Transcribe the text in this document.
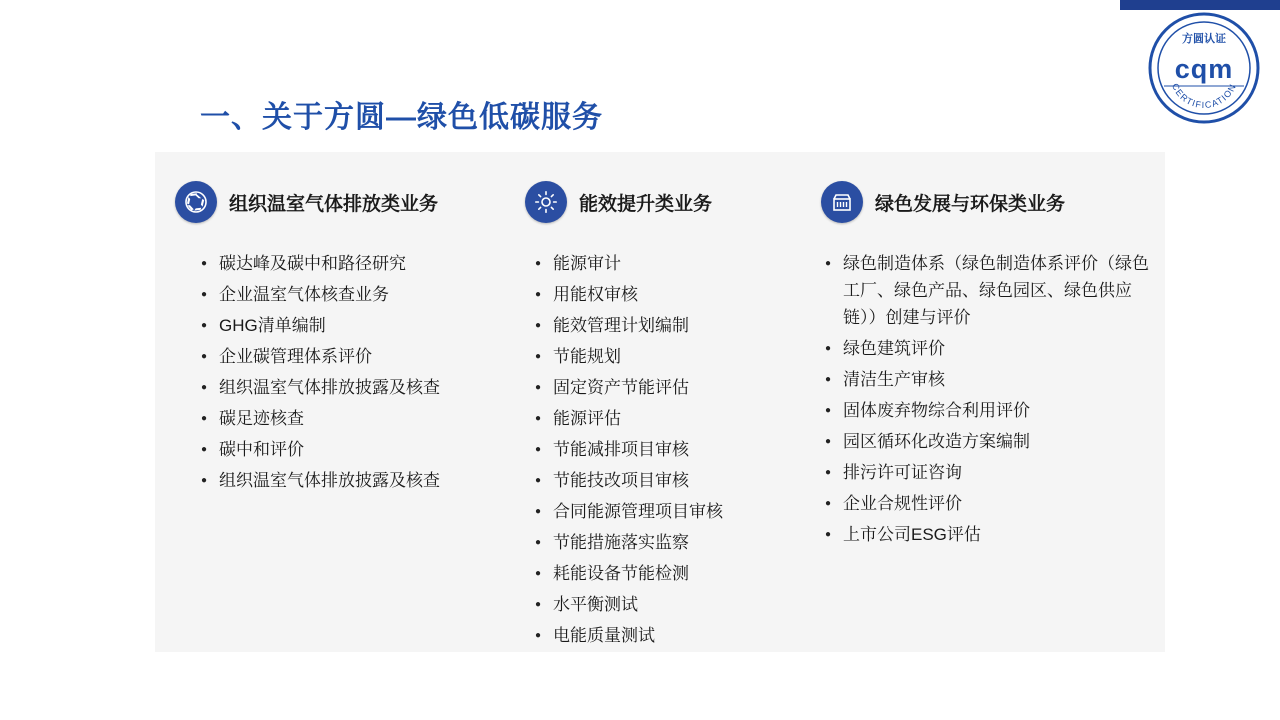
方圆认证
cqm
CERTIFICATION
一、关于方圆—绿色低碳服务
组织温室气体排放类业务
● 碳达峰及碳中和路径研究
● 企业温室气体核查业务
● GHG清单编制
● 企业碳管理体系评价
● 组织温室气体排放披露及核查
● 碳足迹核查
● 碳中和评价
● 组织温室气体排放披露及核查
能效提升类业务
● 能源审计
● 用能权审核
● 能效管理计划编制
● 节能规划
● 固定资产节能评估
● 能源评估
● 节能减排项目审核
● 节能技改项目审核
● 合同能源管理项目审核
● 节能措施落实监察
● 耗能设备节能检测
● 水平衡测试
● 电能质量测试
绿色发展与环保类业务
● 绿色制造体系（绿色制造体系评价（绿色工厂、绿色产品、绿色园区、绿色供应链））创建与评价
● 绿色建筑评价
● 清洁生产审核
● 固体废弃物综合利用评价
● 园区循环化改造方案编制
● 排污许可证咨询
● 企业合规性评价
● 上市公司ESG评估
